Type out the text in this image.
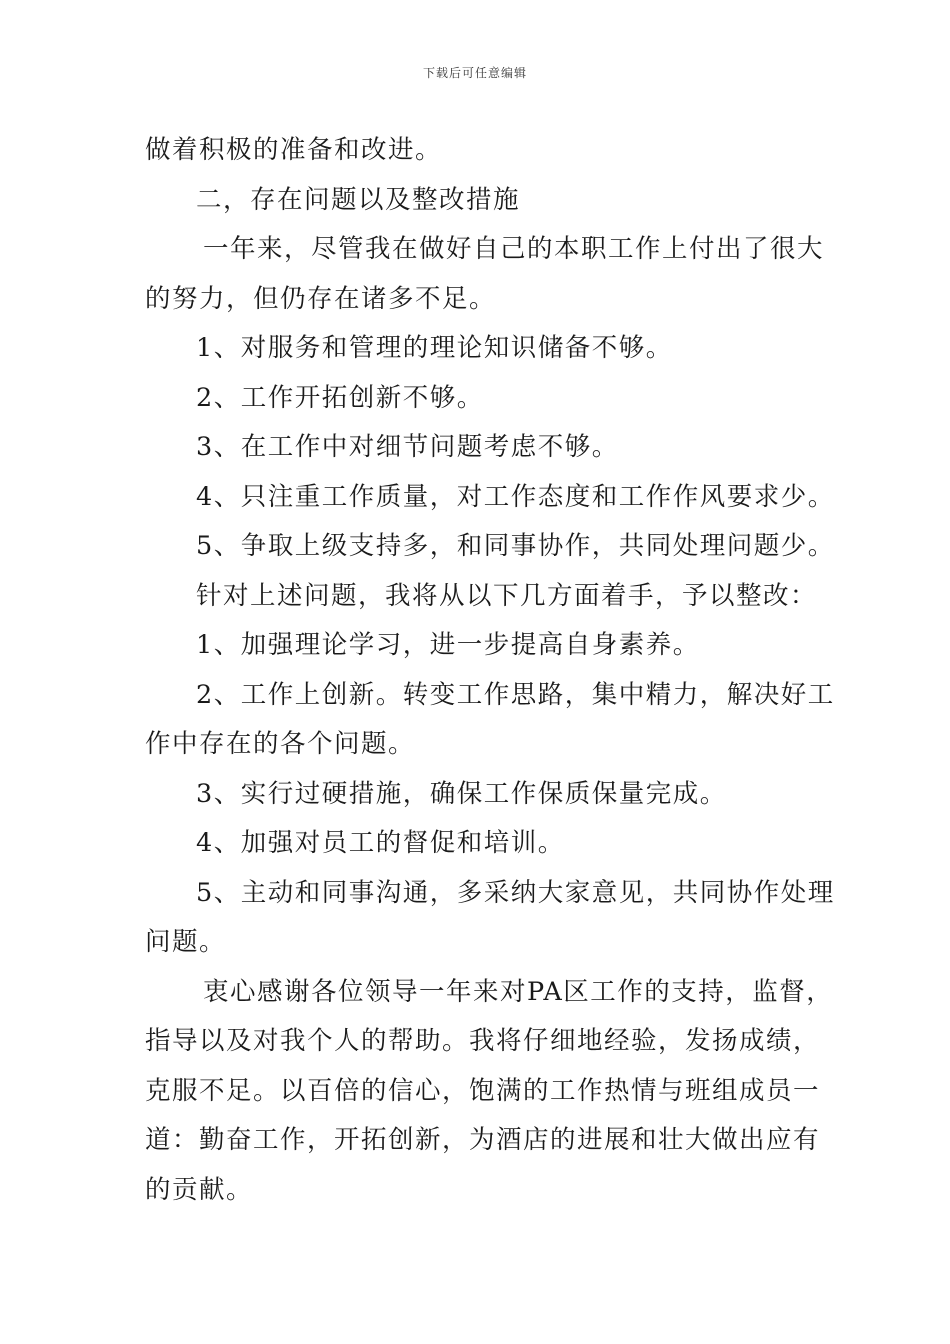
下载后可任意编辑
做着积极的准备和改进。
二，存在问题以及整改措施
一年来，尽管我在做好自己的本职工作上付出了很大
的努力，但仍存在诸多不足。
1、对服务和管理的理论知识储备不够。
2、工作开拓创新不够。
3、在工作中对细节问题考虑不够。
4、只注重工作质量，对工作态度和工作作风要求少。
5、争取上级支持多，和同事协作，共同处理问题少。
针对上述问题，我将从以下几方面着手，予以整改：
1、加强理论学习，进一步提高自身素养。
2、工作上创新。转变工作思路，集中精力，解决好工
作中存在的各个问题。
3、实行过硬措施，确保工作保质保量完成。
4、加强对员工的督促和培训。
5、主动和同事沟通，多采纳大家意见，共同协作处理
问题。
衷心感谢各位领导一年来对PA区工作的支持，监督，
指导以及对我个人的帮助。我将仔细地经验，发扬成绩，
克服不足。以百倍的信心，饱满的工作热情与班组成员一
道：勤奋工作，开拓创新，为酒店的进展和壮大做出应有
的贡献。
